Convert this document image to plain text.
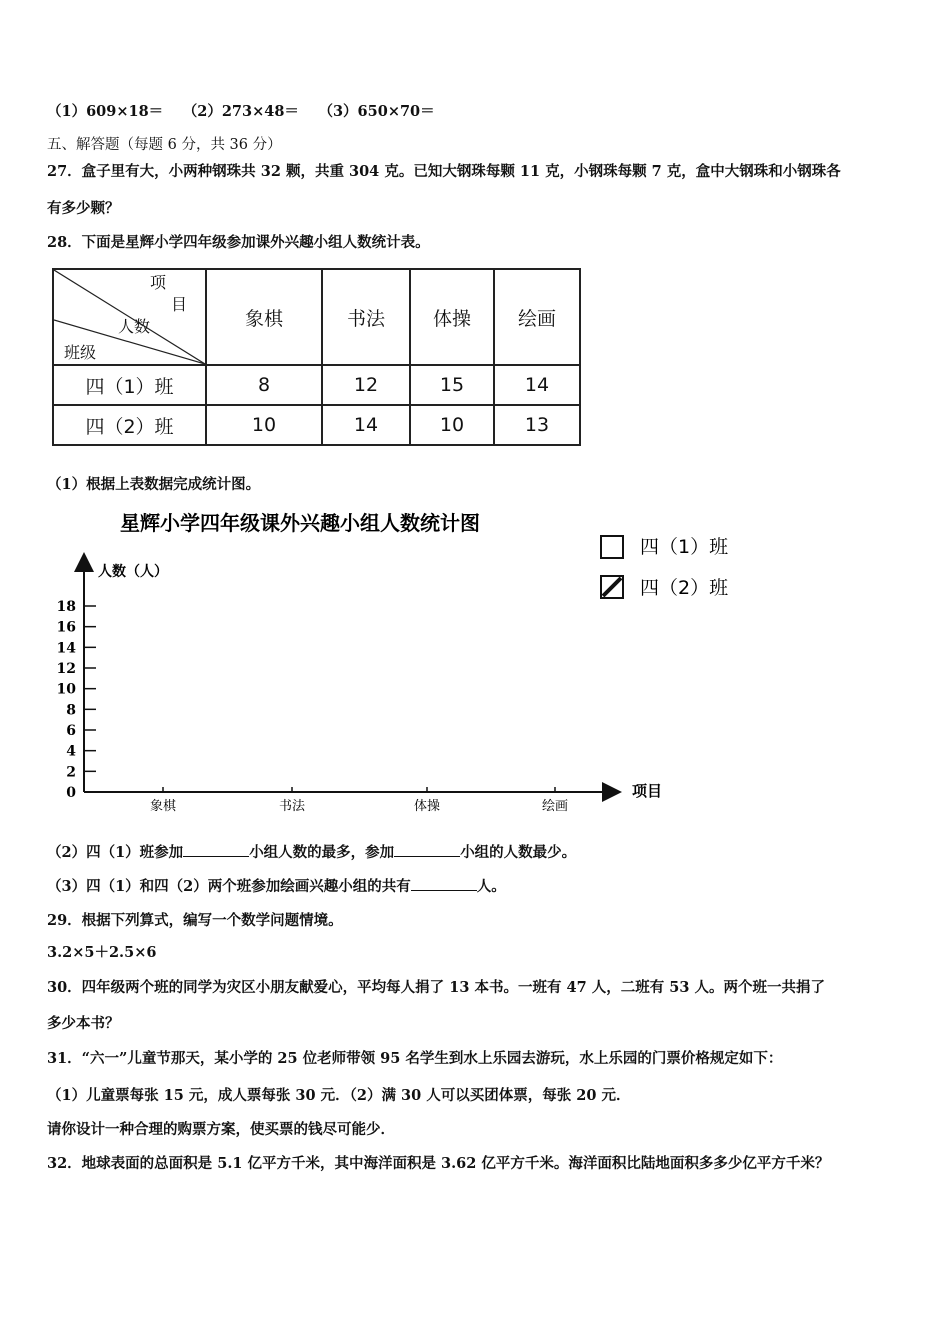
（1）609×18＝　 （2）273×48＝　 （3）650×70＝
五、解答题（每题 6 分，共 36 分）
27．盒子里有大，小两种钢珠共 32 颗，共重 304 克。已知大钢珠每颗 11 克，小钢珠每颗 7 克，盒中大钢珠和小钢珠各
有多少颗？
28．下面是星辉小学四年级参加课外兴趣小组人数统计表。
项
目
人数
班级	象棋	书法	体操	绘画
四（1）班	8	12	15	14
四（2）班	10	14	10	13
（1）根据上表数据完成统计图。
星辉小学四年级课外兴趣小组人数统计图
人数（人）
项目
0
2
4
6
8
10
12
14
16
18
象棋	书法	体操	绘画
四（1）班
四（2）班
（2）四（1）班参加	小组人数的最多，参加	小组的人数最少。
（3）四（1）和四（2）两个班参加绘画兴趣小组的共有	人。
29．根据下列算式，编写一个数学问题情境。
3.2×5＋2.5×6
30．四年级两个班的同学为灾区小朋友献爱心，平均每人捐了 13 本书。一班有 47 人，二班有 53 人。两个班一共捐了
多少本书？
31．“六一”儿童节那天，某小学的 25 位老师带领 95 名学生到水上乐园去游玩，水上乐园的门票价格规定如下：
（1）儿童票每张 15 元，成人票每张 30 元．（2）满 30 人可以买团体票，每张 20 元．
请你设计一种合理的购票方案，使买票的钱尽可能少．
32．地球表面的总面积是 5.1 亿平方千米，其中海洋面积是 3.62 亿平方千米。海洋面积比陆地面积多多少亿平方千米？
